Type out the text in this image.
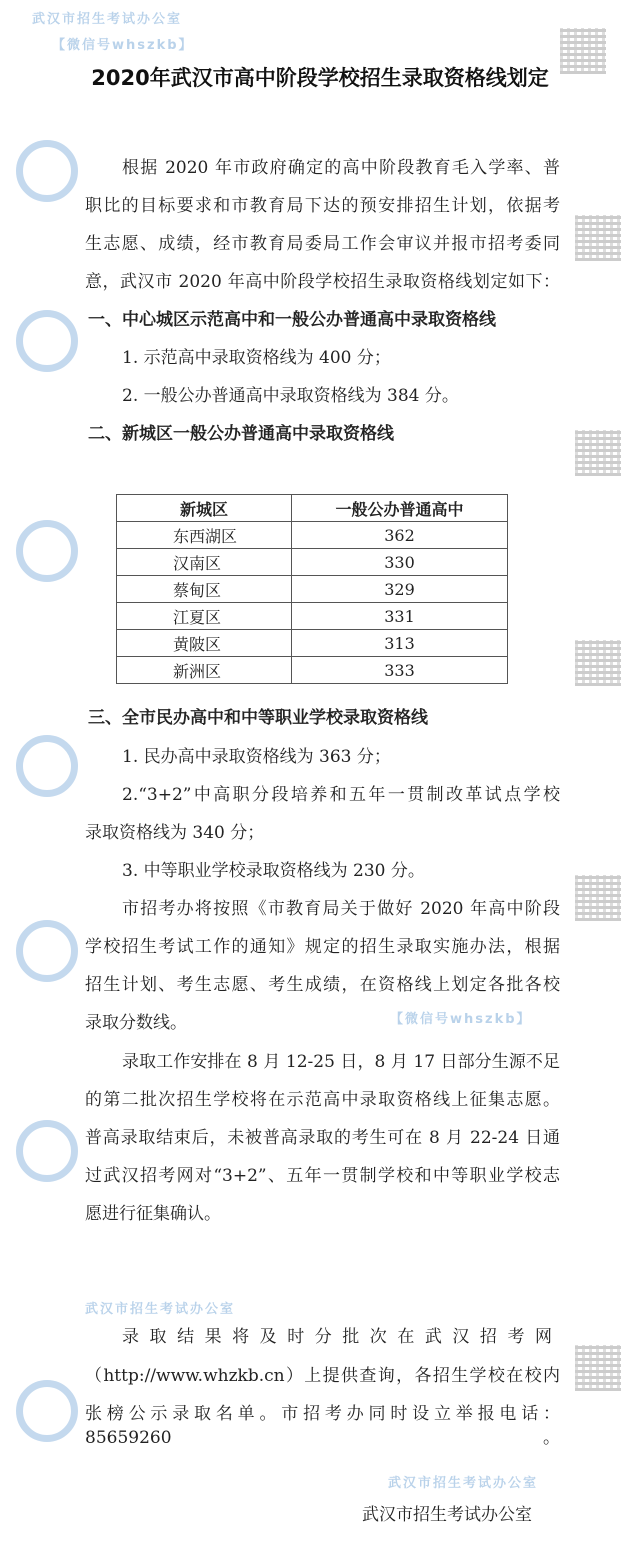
武汉市招生考试办公室
【微信号whszkb】
【微信号whszkb】
武汉市招生考试办公室
武汉市招生考试办公室
2020年武汉市高中阶段学校招生录取资格线划定
根据 2020 年市政府确定的高中阶段教育毛入学率、普
职比的目标要求和市教育局下达的预安排招生计划，依据考
生志愿、成绩，经市教育局委局工作会审议并报市招考委同
意，武汉市 2020 年高中阶段学校招生录取资格线划定如下：
一、中心城区示范高中和一般公办普通高中录取资格线
1. 示范高中录取资格线为 400 分；
2. 一般公办普通高中录取资格线为 384 分。
二、新城区一般公办普通高中录取资格线
新城区	一般公办普通高中
东西湖区	362
汉南区	330
蔡甸区	329
江夏区	331
黄陂区	313
新洲区	333
三、全市民办高中和中等职业学校录取资格线
1. 民办高中录取资格线为 363 分；
2.“3+2”中高职分段培养和五年一贯制改革试点学校
录取资格线为 340 分；
3. 中等职业学校录取资格线为 230 分。
市招考办将按照《市教育局关于做好 2020 年高中阶段
学校招生考试工作的通知》规定的招生录取实施办法，根据
招生计划、考生志愿、考生成绩，在资格线上划定各批各校
录取分数线。
录取工作安排在 8 月 12-25 日，8 月 17 日部分生源不足
的第二批次招生学校将在示范高中录取资格线上征集志愿。
普高录取结束后，未被普高录取的考生可在 8 月 22-24 日通
过武汉招考网对“3+2”、五年一贯制学校和中等职业学校志
愿进行征集确认。
录取结果将及时分批次在武汉招考网
（http://www.whzkb.cn）上提供查询，各招生学校在校内
张榜公示录取名单。市招考办同时设立举报电话：85659260。
武汉市招生考试办公室
